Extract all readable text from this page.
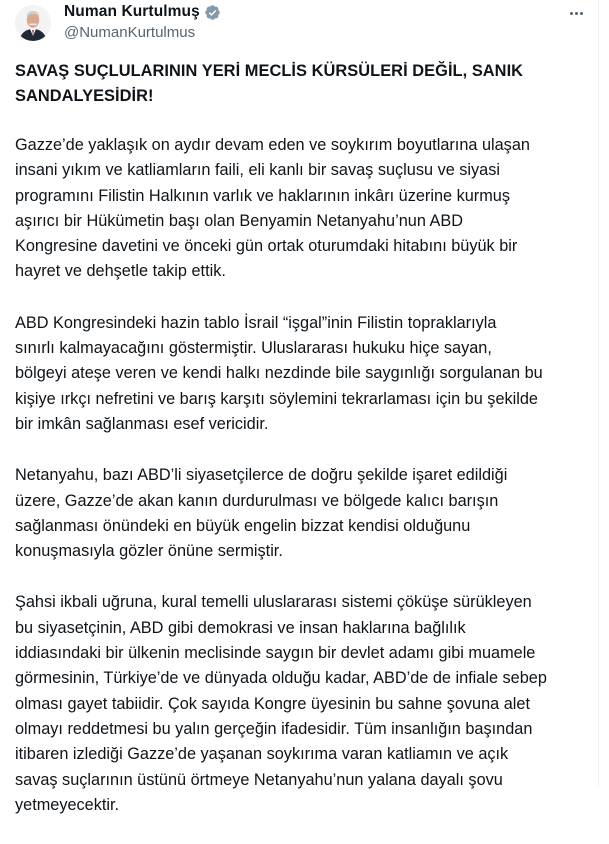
Numan Kurtulmuş
@NumanKurtulmus
SAVAŞ SUÇLULARININ YERİ MECLİS KÜRSÜLERİ DEĞİL, SANIK
SANDALYESİDİR!
Gazze’de yaklaşık on aydır devam eden ve soykırım boyutlarına ulaşan
insani yıkım ve katliamların faili, eli kanlı bir savaş suçlusu ve siyasi
programını Filistin Halkının varlık ve haklarının inkârı üzerine kurmuş
aşırıcı bir Hükümetin başı olan Benyamin Netanyahu’nun ABD
Kongresine davetini ve önceki gün ortak oturumdaki hitabını büyük bir
hayret ve dehşetle takip ettik.
ABD Kongresindeki hazin tablo İsrail “işgal”inin Filistin topraklarıyla
sınırlı kalmayacağını göstermiştir. Uluslararası hukuku hiçe sayan,
bölgeyi ateşe veren ve kendi halkı nezdinde bile saygınlığı sorgulanan bu
kişiye ırkçı nefretini ve barış karşıtı söylemini tekrarlaması için bu şekilde
bir imkân sağlanması esef vericidir.
Netanyahu, bazı ABD’li siyasetçilerce de doğru şekilde işaret edildiği
üzere, Gazze’de akan kanın durdurulması ve bölgede kalıcı barışın
sağlanması önündeki en büyük engelin bizzat kendisi olduğunu
konuşmasıyla gözler önüne sermiştir.
Şahsi ikbali uğruna, kural temelli uluslararası sistemi çöküşe sürükleyen
bu siyasetçinin, ABD gibi demokrasi ve insan haklarına bağlılık
iddiasındaki bir ülkenin meclisinde saygın bir devlet adamı gibi muamele
görmesinin, Türkiye’de ve dünyada olduğu kadar, ABD’de de infiale sebep
olması gayet tabiidir. Çok sayıda Kongre üyesinin bu sahne şovuna alet
olmayı reddetmesi bu yalın gerçeğin ifadesidir. Tüm insanlığın başından
itibaren izlediği Gazze’de yaşanan soykırıma varan katliamın ve açık
savaş suçlarının üstünü örtmeye Netanyahu’nun yalana dayalı şovu
yetmeyecektir.
